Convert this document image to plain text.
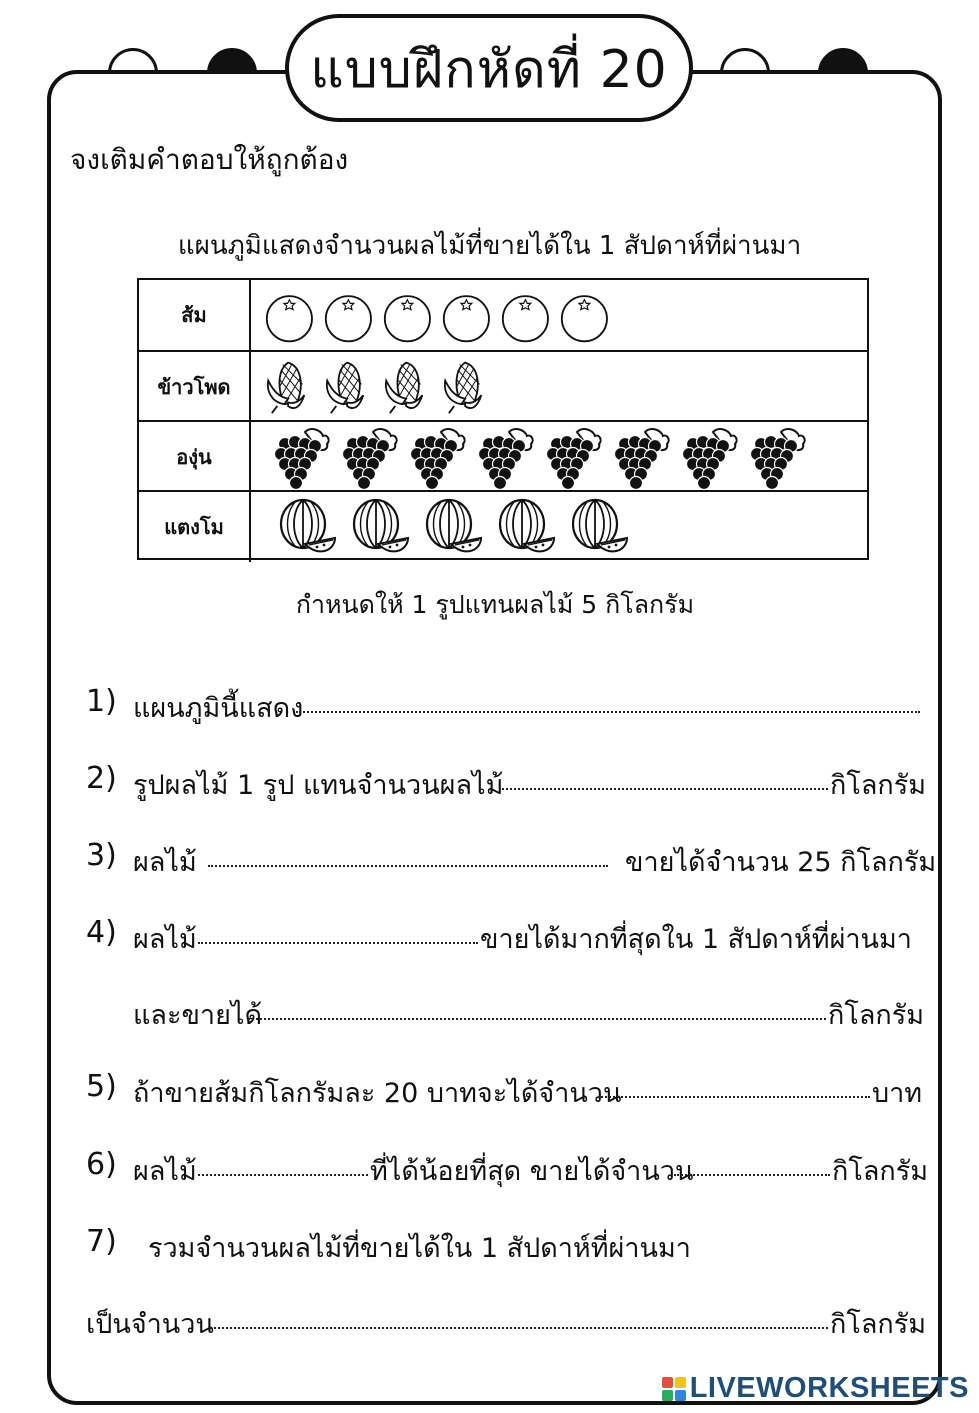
แบบฝึกหัดที่ 20
จงเติมคำตอบให้ถูกต้อง
แผนภูมิแสดงจำนวนผลไม้ที่ขายได้ใน 1 สัปดาห์ที่ผ่านมา
ส้ม
ข้าวโพด
องุ่น
แตงโม
กำหนดให้ 1 รูปแทนผลไม้ 5 กิโลกรัม
1) แผนภูมินี้แสดง
2) รูปผลไม้ 1 รูป แทนจำนวนผลไม้	กิโลกรัม
3) ผลไม้	ขายได้จำนวน 25 กิโลกรัม
4) ผลไม้	ขายได้มากที่สุดใน 1 สัปดาห์ที่ผ่านมา
และขายได้	กิโลกรัม
5) ถ้าขายส้มกิโลกรัมละ 20 บาทจะได้จำนวน	บาท
6) ผลไม้	ที่ได้น้อยที่สุด ขายได้จำนวน	กิโลกรัม
7) รวมจำนวนผลไม้ที่ขายได้ใน 1 สัปดาห์ที่ผ่านมา
เป็นจำนวน	กิโลกรัม
LIVEWORKSHEETS
